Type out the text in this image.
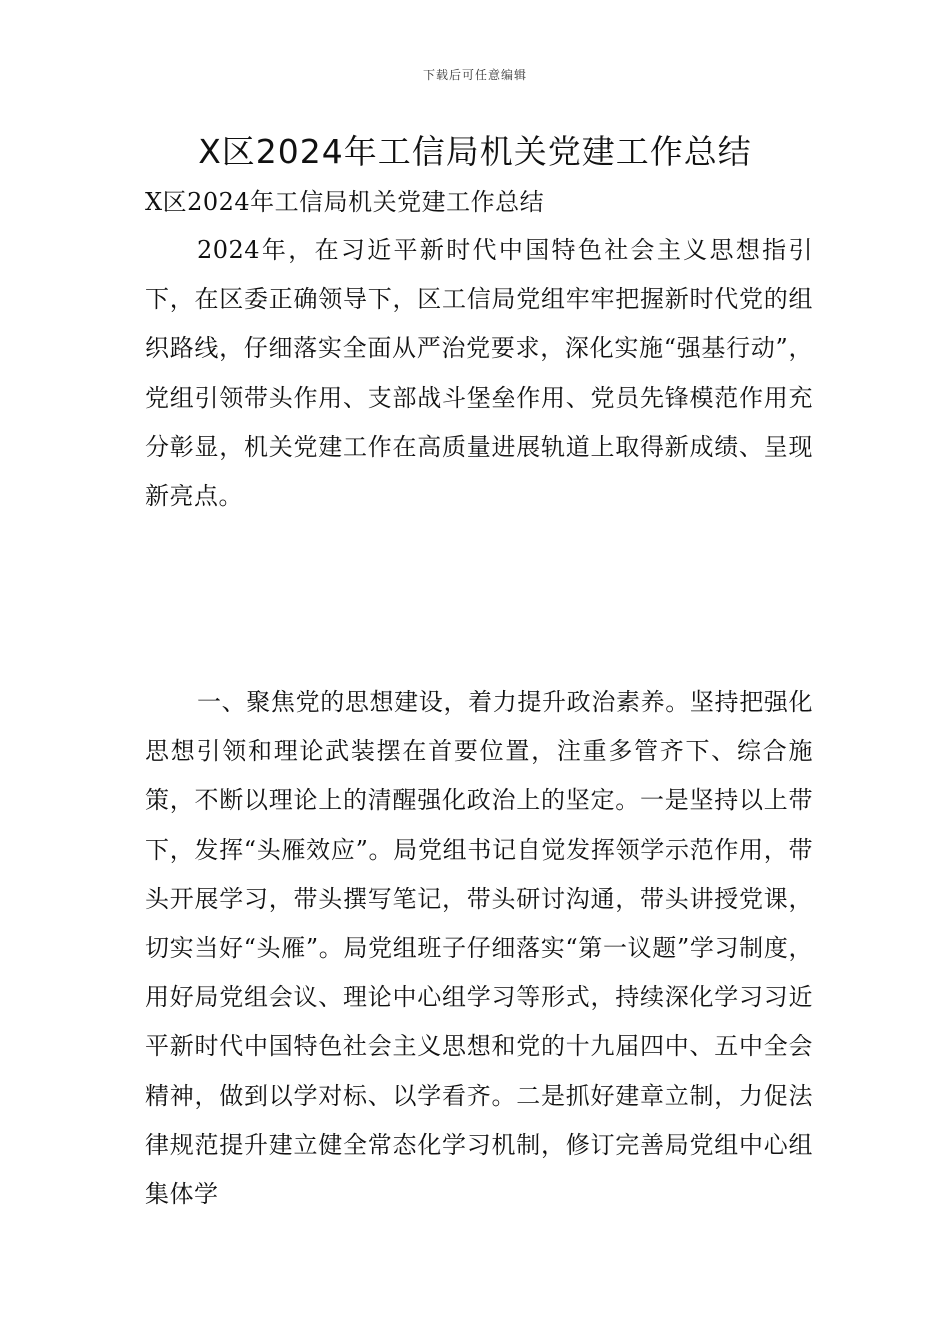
下载后可任意编辑
X区2024年工信局机关党建工作总结
X区2024年工信局机关党建工作总结
2024年，在习近平新时代中国特色社会主义思想指引下，在区委正确领导下，区工信局党组牢牢把握新时代党的组织路线，仔细落实全面从严治党要求，深化实施“强基行动”，党组引领带头作用、支部战斗堡垒作用、党员先锋模范作用充分彰显，机关党建工作在高质量进展轨道上取得新成绩、呈现新亮点。
一、聚焦党的思想建设，着力提升政治素养。坚持把强化思想引领和理论武装摆在首要位置，注重多管齐下、综合施策，不断以理论上的清醒强化政治上的坚定。一是坚持以上带下，发挥“头雁效应”。局党组书记自觉发挥领学示范作用，带头开展学习，带头撰写笔记，带头研讨沟通，带头讲授党课，切实当好“头雁”。局党组班子仔细落实“第一议题”学习制度，用好局党组会议、理论中心组学习等形式，持续深化学习习近平新时代中国特色社会主义思想和党的十九届四中、五中全会精神，做到以学对标、以学看齐。二是抓好建章立制，力促法律规范提升建立健全常态化学习机制，修订完善局党组中心组集体学
